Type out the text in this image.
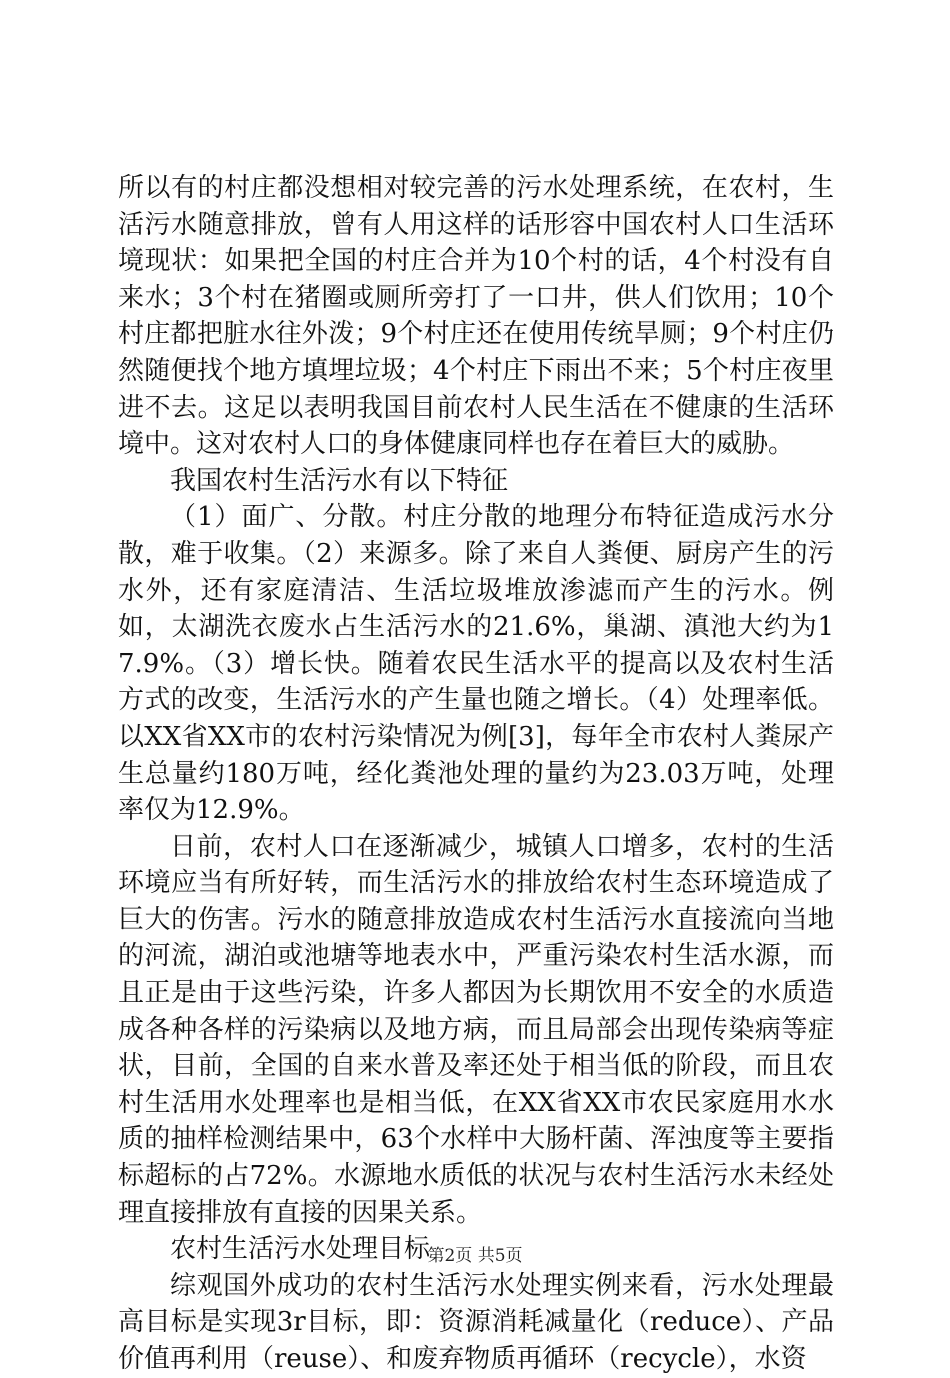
所以有的村庄都没想相对较完善的污水处理系统，在农村，生活污水随意排放，曾有人用这样的话形容中国农村人口生活环境现状：如果把全国的村庄合并为10个村的话，4个村没有自来水；3个村在猪圈或厕所旁打了一口井，供人们饮用；10个村庄都把脏水往外泼；9个村庄还在使用传统旱厕；9个村庄仍然随便找个地方填埋垃圾；4个村庄下雨出不来；5个村庄夜里进不去。这足以表明我国目前农村人民生活在不健康的生活环境中。这对农村人口的身体健康同样也存在着巨大的威胁。

我国农村生活污水有以下特征

（1）面广、分散。村庄分散的地理分布特征造成污水分散，难于收集。（2）来源多。除了来自人粪便、厨房产生的污水外，还有家庭清洁、生活垃圾堆放渗滤而产生的污水。例如，太湖洗衣废水占生活污水的21.6%，巢湖、滇池大约为17.9%。（3）增长快。随着农民生活水平的提高以及农村生活方式的改变，生活污水的产生量也随之增长。（4）处理率低。以XX省XX市的农村污染情况为例[3]，每年全市农村人粪尿产生总量约180万吨，经化粪池处理的量约为23.03万吨，处理率仅为12.9%。

日前，农村人口在逐渐减少，城镇人口增多，农村的生活环境应当有所好转，而生活污水的排放给农村生态环境造成了巨大的伤害。污水的随意排放造成农村生活污水直接流向当地的河流，湖泊或池塘等地表水中，严重污染农村生活水源，而且正是由于这些污染，许多人都因为长期饮用不安全的水质造成各种各样的污染病以及地方病，而且局部会出现传染病等症状，目前，全国的自来水普及率还处于相当低的阶段，而且农村生活用水处理率也是相当低，在XX省XX市农民家庭用水水质的抽样检测结果中，63个水样中大肠杆菌、浑浊度等主要指标超标的占72%。水源地水质低的状况与农村生活污水未经处理直接排放有直接的因果关系。

农村生活污水处理目标

综观国外成功的农村生活污水处理实例来看，污水处理最高目标是实现3r目标，即：资源消耗减量化（reduce）、产品价值再利用（reuse）、和废弃物质再循环（recycle），水资

第2页 共5页
